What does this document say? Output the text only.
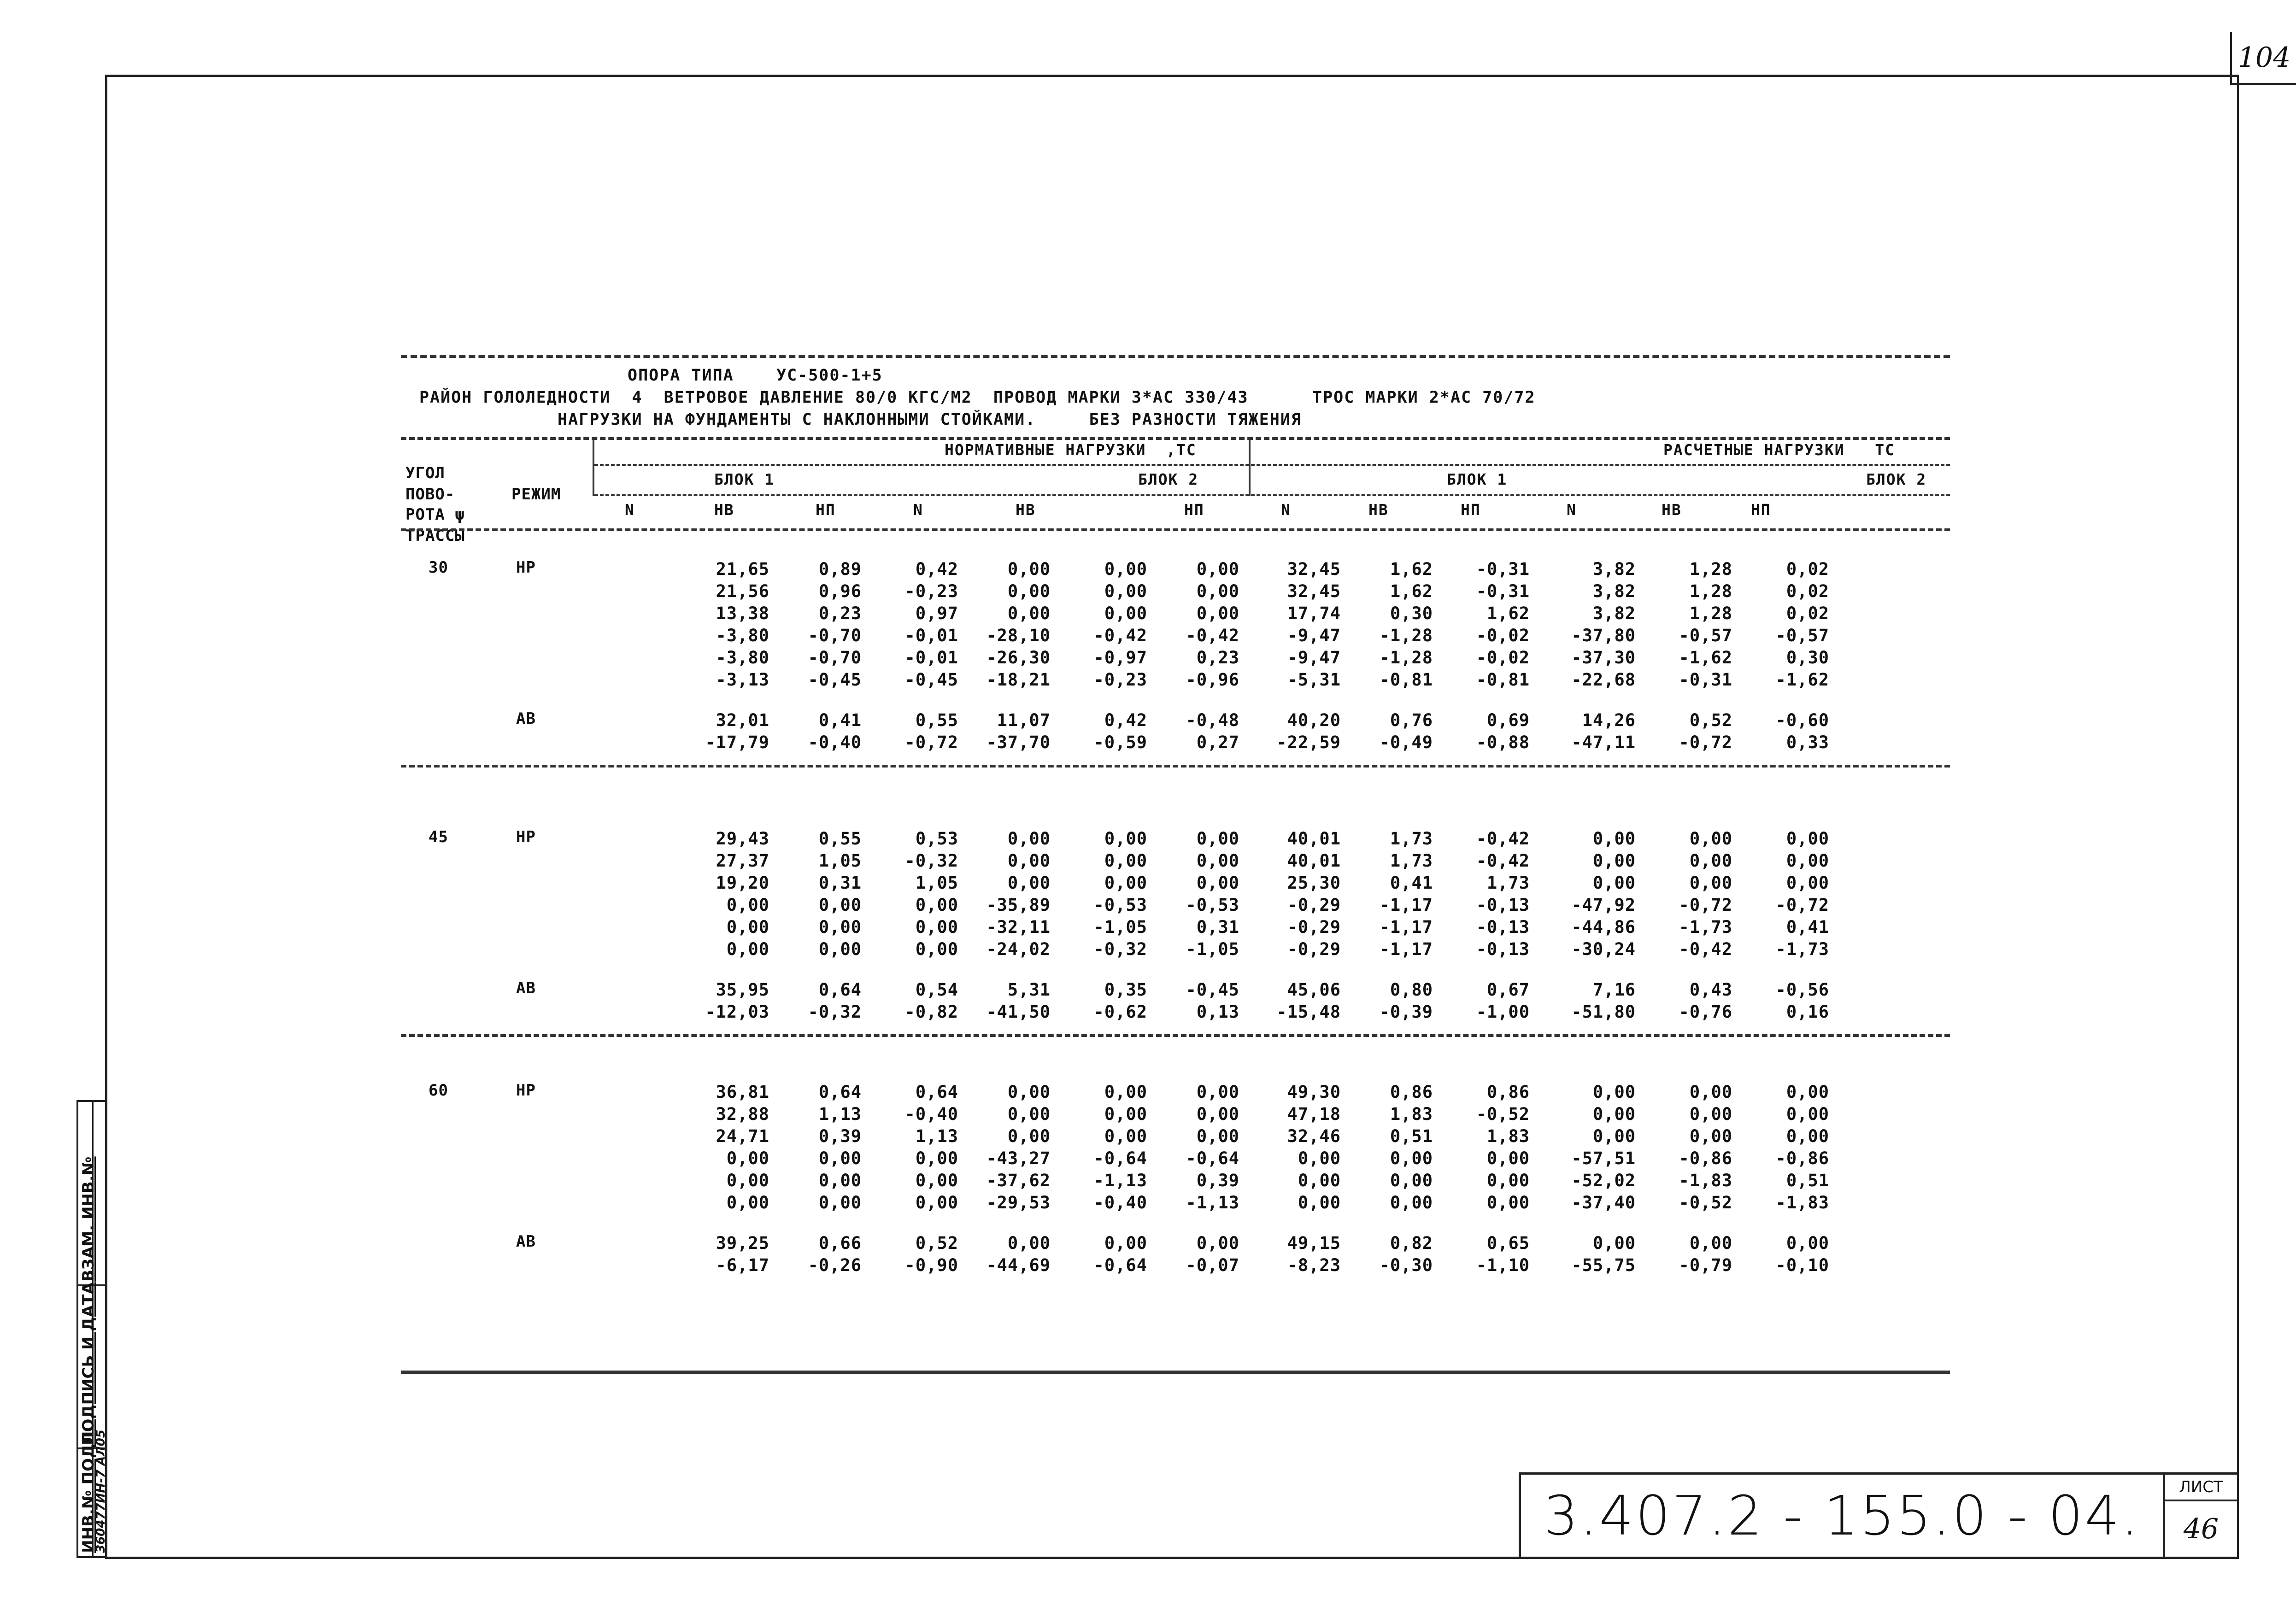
104
ВЗАМ. ИНВ.№
ПОДПИСЬ И ДАТА
ИНВ.№ ПОДЛ.
360477ИН-7 АЛ05	3.407.2 - 155.0 - 04.	ЛИСТ
46
ОПОРА ТИПА    УС-500-1+5
РАЙОН ГОЛОЛЕДНОСТИ  4  ВЕТРОВОЕ ДАВЛЕНИЕ 80/0 КГС/М2  ПРОВОД МАРКИ 3*АС 330/43      ТРОС МАРКИ 2*АС 70/72
НАГРУЗКИ НА ФУНДАМЕНТЫ С НАКЛОННЫМИ СТОЙКАМИ.     БЕЗ РАЗНОСТИ ТЯЖЕНИЯ
УГОЛ
ПОВО-
РОТА ψ
ТРАССЫ
РЕЖИМ
НОРМАТИВНЫЕ НАГРУЗКИ  ,ТС	РАСЧЕТНЫЕ НАГРУЗКИ   ТС
БЛОК 1	БЛОК 2	БЛОК 1	БЛОК 2
N	НВ	НП	N	НВ	НП	N	НВ	НП	N	НВ	НП
30	НР	21,65	0,89	0,42	0,00	0,00	0,00	32,45	1,62	-0,31	3,82	1,28	0,02
21,56	0,96	-0,23	0,00	0,00	0,00	32,45	1,62	-0,31	3,82	1,28	0,02
13,38	0,23	0,97	0,00	0,00	0,00	17,74	0,30	1,62	3,82	1,28	0,02
-3,80	-0,70	-0,01	-28,10	-0,42	-0,42	-9,47	-1,28	-0,02	-37,80	-0,57	-0,57
-3,80	-0,70	-0,01	-26,30	-0,97	0,23	-9,47	-1,28	-0,02	-37,30	-1,62	0,30
-3,13	-0,45	-0,45	-18,21	-0,23	-0,96	-5,31	-0,81	-0,81	-22,68	-0,31	-1,62
АВ	32,01	0,41	0,55	11,07	0,42	-0,48	40,20	0,76	0,69	14,26	0,52	-0,60
-17,79	-0,40	-0,72	-37,70	-0,59	0,27	-22,59	-0,49	-0,88	-47,11	-0,72	0,33
45	НР	29,43	0,55	0,53	0,00	0,00	0,00	40,01	1,73	-0,42	0,00	0,00	0,00
27,37	1,05	-0,32	0,00	0,00	0,00	40,01	1,73	-0,42	0,00	0,00	0,00
19,20	0,31	1,05	0,00	0,00	0,00	25,30	0,41	1,73	0,00	0,00	0,00
0,00	0,00	0,00	-35,89	-0,53	-0,53	-0,29	-1,17	-0,13	-47,92	-0,72	-0,72
0,00	0,00	0,00	-32,11	-1,05	0,31	-0,29	-1,17	-0,13	-44,86	-1,73	0,41
0,00	0,00	0,00	-24,02	-0,32	-1,05	-0,29	-1,17	-0,13	-30,24	-0,42	-1,73
АВ	35,95	0,64	0,54	5,31	0,35	-0,45	45,06	0,80	0,67	7,16	0,43	-0,56
-12,03	-0,32	-0,82	-41,50	-0,62	0,13	-15,48	-0,39	-1,00	-51,80	-0,76	0,16
60	НР	36,81	0,64	0,64	0,00	0,00	0,00	49,30	0,86	0,86	0,00	0,00	0,00
32,88	1,13	-0,40	0,00	0,00	0,00	47,18	1,83	-0,52	0,00	0,00	0,00
24,71	0,39	1,13	0,00	0,00	0,00	32,46	0,51	1,83	0,00	0,00	0,00
0,00	0,00	0,00	-43,27	-0,64	-0,64	0,00	0,00	0,00	-57,51	-0,86	-0,86
0,00	0,00	0,00	-37,62	-1,13	0,39	0,00	0,00	0,00	-52,02	-1,83	0,51
0,00	0,00	0,00	-29,53	-0,40	-1,13	0,00	0,00	0,00	-37,40	-0,52	-1,83
АВ	39,25	0,66	0,52	0,00	0,00	0,00	49,15	0,82	0,65	0,00	0,00	0,00
-6,17	-0,26	-0,90	-44,69	-0,64	-0,07	-8,23	-0,30	-1,10	-55,75	-0,79	-0,10
